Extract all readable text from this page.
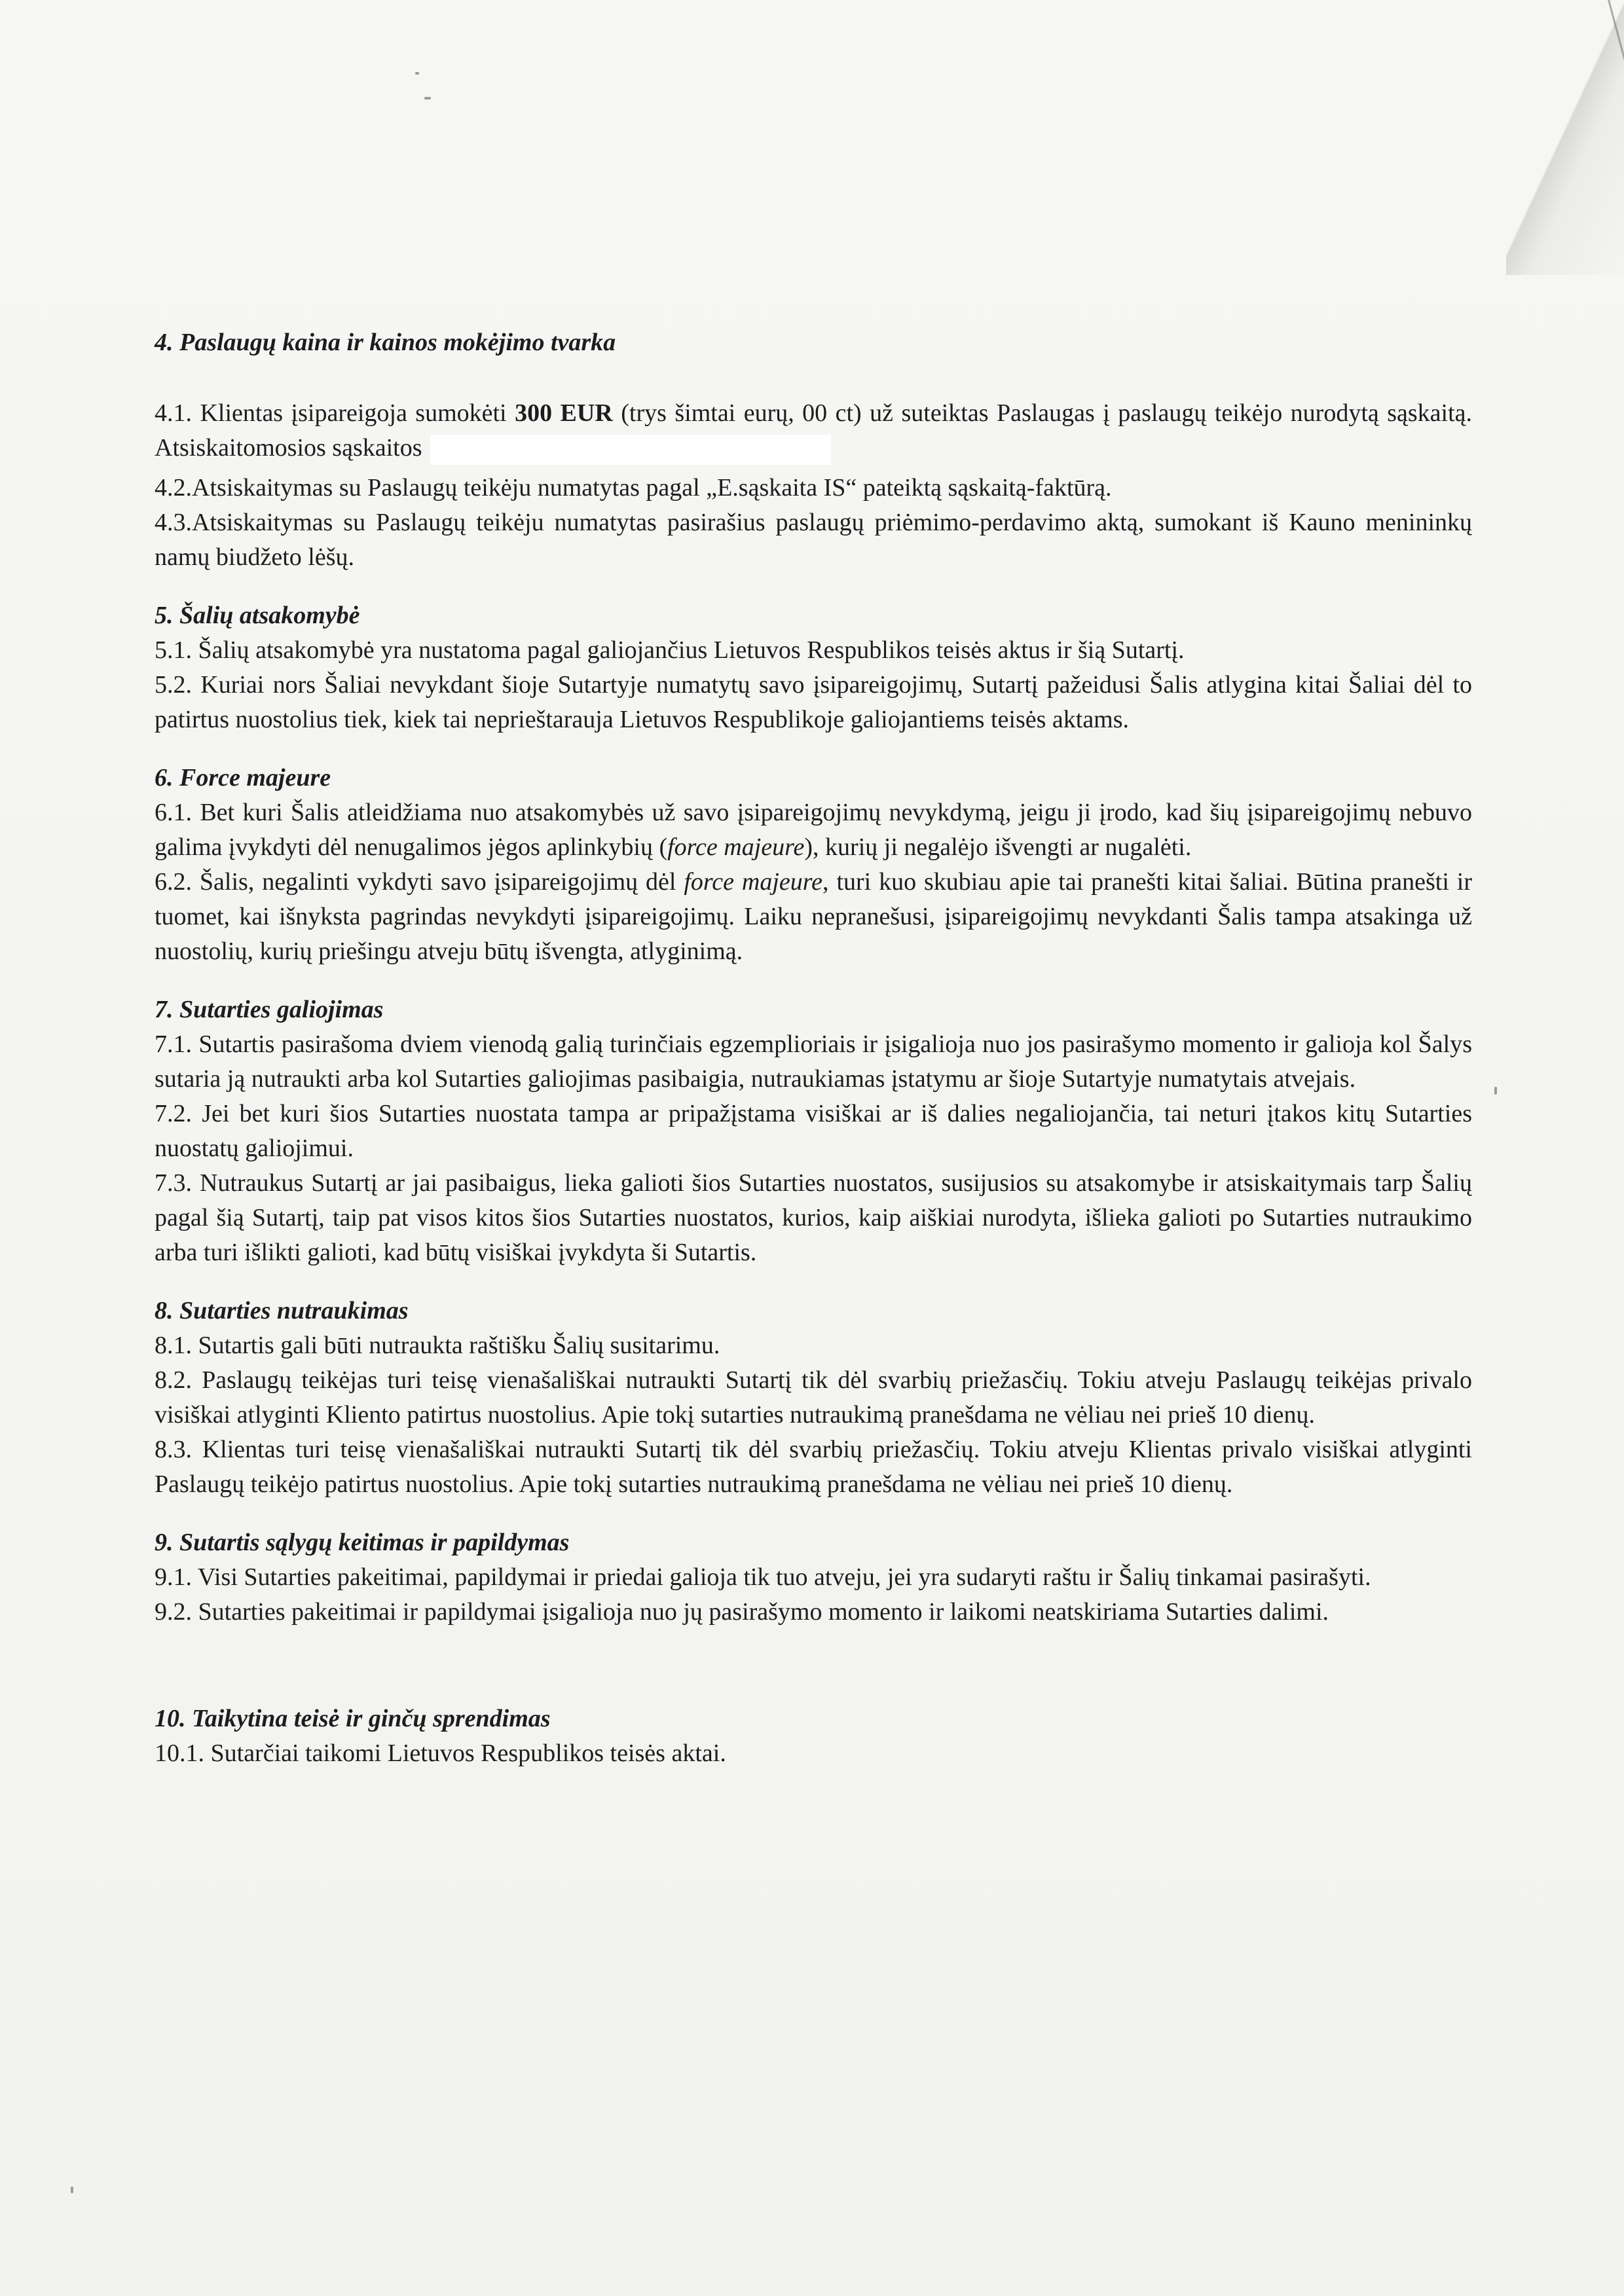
4. Paslaugų kaina ir kainos mokėjimo tvarka

4.1. Klientas įsipareigoja sumokėti 300 EUR (trys šimtai eurų, 00 ct) už suteiktas Paslaugas į paslaugų teikėjo nurodytą sąskaitą. Atsiskaitomosios sąskaitos

4.2.Atsiskaitymas su Paslaugų teikėju numatytas pagal „E.sąskaita IS“ pateiktą sąskaitą-faktūrą.

4.3.Atsiskaitymas su Paslaugų teikėju numatytas pasirašius paslaugų priėmimo-perdavimo aktą, sumokant iš Kauno menininkų namų biudžeto lėšų.

5. Šalių atsakomybė

5.1. Šalių atsakomybė yra nustatoma pagal galiojančius Lietuvos Respublikos teisės aktus ir šią Sutartį.

5.2. Kuriai nors Šaliai nevykdant šioje Sutartyje numatytų savo įsipareigojimų, Sutartį pažeidusi Šalis atlygina kitai Šaliai dėl to patirtus nuostolius tiek, kiek tai neprieštarauja Lietuvos Respublikoje galiojantiems teisės aktams.

6. Force majeure

6.1. Bet kuri Šalis atleidžiama nuo atsakomybės už savo įsipareigojimų nevykdymą, jeigu ji įrodo, kad šių įsipareigojimų nebuvo galima įvykdyti dėl nenugalimos jėgos aplinkybių (force majeure), kurių ji negalėjo išvengti ar nugalėti.

6.2. Šalis, negalinti vykdyti savo įsipareigojimų dėl force majeure, turi kuo skubiau apie tai pranešti kitai šaliai. Būtina pranešti ir tuomet, kai išnyksta pagrindas nevykdyti įsipareigojimų. Laiku nepranešusi, įsipareigojimų nevykdanti Šalis tampa atsakinga už nuostolių, kurių priešingu atveju būtų išvengta, atlyginimą.

7. Sutarties galiojimas

7.1. Sutartis pasirašoma dviem vienodą galią turinčiais egzemplioriais ir įsigalioja nuo jos pasirašymo momento ir galioja kol Šalys sutaria ją nutraukti arba kol Sutarties galiojimas pasibaigia, nutraukiamas įstatymu ar šioje Sutartyje numatytais atvejais.

7.2. Jei bet kuri šios Sutarties nuostata tampa ar pripažįstama visiškai ar iš dalies negaliojančia, tai neturi įtakos kitų Sutarties nuostatų galiojimui.

7.3. Nutraukus Sutartį ar jai pasibaigus, lieka galioti šios Sutarties nuostatos, susijusios su atsakomybe ir atsiskaitymais tarp Šalių pagal šią Sutartį, taip pat visos kitos šios Sutarties nuostatos, kurios, kaip aiškiai nurodyta, išlieka galioti po Sutarties nutraukimo arba turi išlikti galioti, kad būtų visiškai įvykdyta ši Sutartis.

8. Sutarties nutraukimas

8.1. Sutartis gali būti nutraukta raštišku Šalių susitarimu.

8.2. Paslaugų teikėjas turi teisę vienašališkai nutraukti Sutartį tik dėl svarbių priežasčių. Tokiu atveju Paslaugų teikėjas privalo visiškai atlyginti Kliento patirtus nuostolius. Apie tokį sutarties nutraukimą pranešdama ne vėliau nei prieš 10 dienų.

8.3. Klientas turi teisę vienašališkai nutraukti Sutartį tik dėl svarbių priežasčių. Tokiu atveju Klientas privalo visiškai atlyginti Paslaugų teikėjo patirtus nuostolius. Apie tokį sutarties nutraukimą pranešdama ne vėliau nei prieš 10 dienų.

9. Sutartis sąlygų keitimas ir papildymas

9.1. Visi Sutarties pakeitimai, papildymai ir priedai galioja tik tuo atveju, jei yra sudaryti raštu ir Šalių tinkamai pasirašyti.

9.2. Sutarties pakeitimai ir papildymai įsigalioja nuo jų pasirašymo momento ir laikomi neatskiriama Sutarties dalimi.

10. Taikytina teisė ir ginčų sprendimas

10.1. Sutarčiai taikomi Lietuvos Respublikos teisės aktai.
